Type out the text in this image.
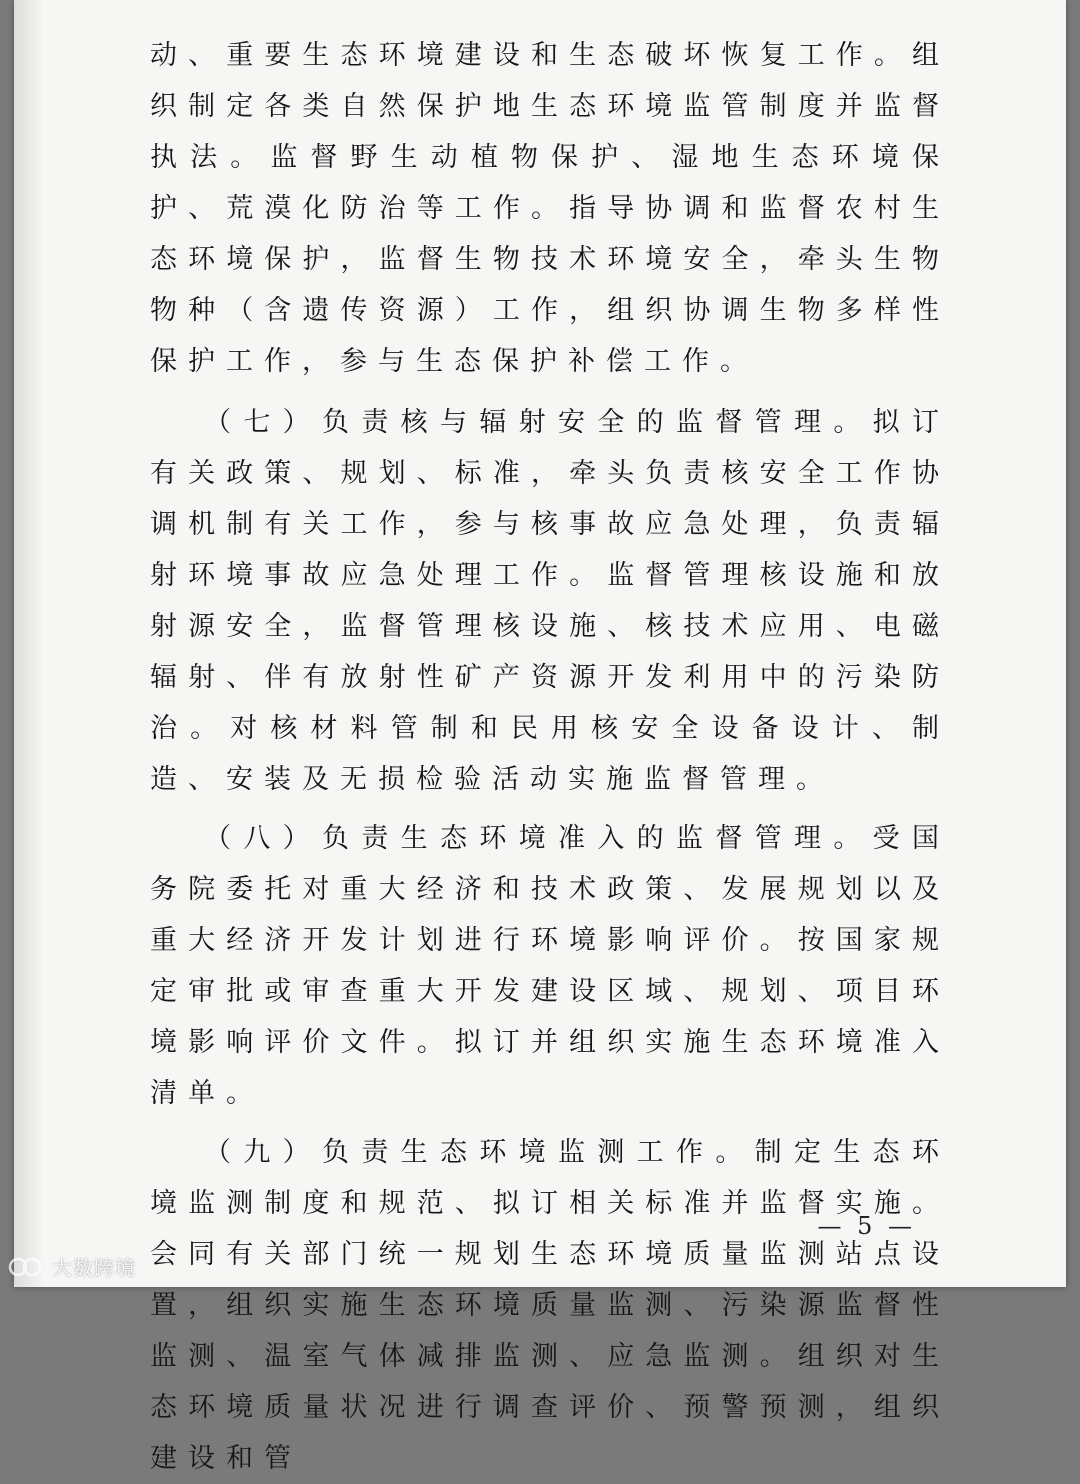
动、重要生态环境建设和生态破坏恢复工作。组织制定各类自然保护地生态环境监管制度并监督执法。监督野生动植物保护、湿地生态环境保护、荒漠化防治等工作。指导协调和监督农村生态环境保护，监督生物技术环境安全，牵头生物物种（含遗传资源）工作，组织协调生物多样性保护工作，参与生态保护补偿工作。

（七）负责核与辐射安全的监督管理。拟订有关政策、规划、标准，牵头负责核安全工作协调机制有关工作，参与核事故应急处理，负责辐射环境事故应急处理工作。监督管理核设施和放射源安全，监督管理核设施、核技术应用、电磁辐射、伴有放射性矿产资源开发利用中的污染防治。对核材料管制和民用核安全设备设计、制造、安装及无损检验活动实施监督管理。

（八）负责生态环境准入的监督管理。受国务院委托对重大经济和技术政策、发展规划以及重大经济开发计划进行环境影响评价。按国家规定审批或审查重大开发建设区域、规划、项目环境影响评价文件。拟订并组织实施生态环境准入清单。

（九）负责生态环境监测工作。制定生态环境监测制度和规范、拟订相关标准并监督实施。会同有关部门统一规划生态环境质量监测站点设置，组织实施生态环境质量监测、污染源监督性监测、温室气体减排监测、应急监测。组织对生态环境质量状况进行调查评价、预警预测，组织建设和管

— 5 —
大数跨境
